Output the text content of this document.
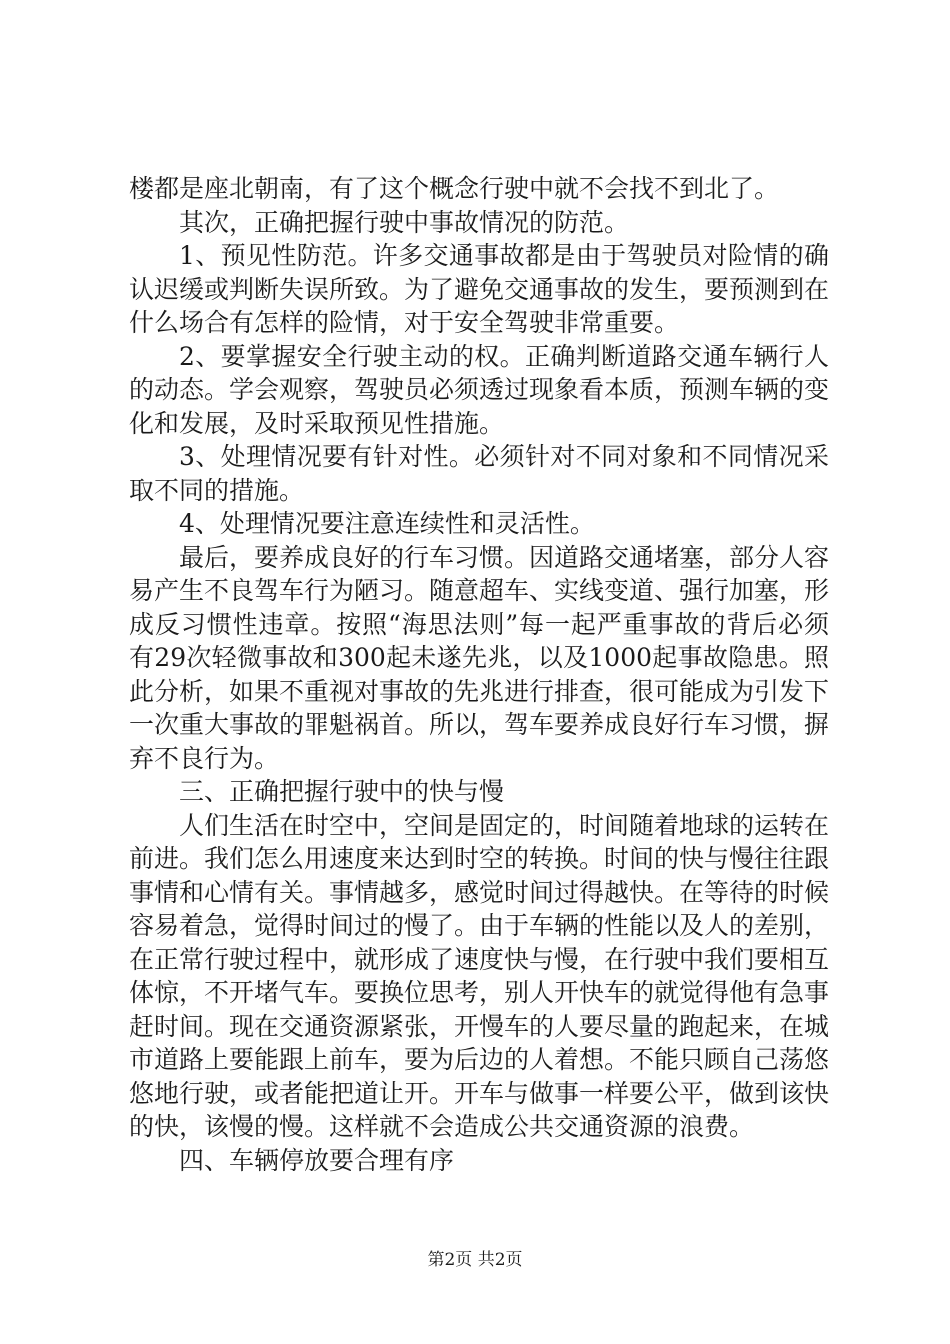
楼都是座北朝南，有了这个概念行驶中就不会找不到北了。

其次，正确把握行驶中事故情况的防范。

1、预见性防范。许多交通事故都是由于驾驶员对险情的确认迟缓或判断失误所致。为了避免交通事故的发生，要预测到在什么场合有怎样的险情，对于安全驾驶非常重要。

2、要掌握安全行驶主动的权。正确判断道路交通车辆行人的动态。学会观察，驾驶员必须透过现象看本质，预测车辆的变化和发展，及时采取预见性措施。

3、处理情况要有针对性。必须针对不同对象和不同情况采取不同的措施。

4、处理情况要注意连续性和灵活性。

最后，要养成良好的行车习惯。因道路交通堵塞，部分人容易产生不良驾车行为陋习。随意超车、实线变道、强行加塞，形成反习惯性违章。按照“海思法则”每一起严重事故的背后必须有29次轻微事故和300起未遂先兆，以及1000起事故隐患。照此分析，如果不重视对事故的先兆进行排查，很可能成为引发下一次重大事故的罪魁祸首。所以，驾车要养成良好行车习惯，摒弃不良行为。

三、正确把握行驶中的快与慢

人们生活在时空中，空间是固定的，时间随着地球的运转在前进。我们怎么用速度来达到时空的转换。时间的快与慢往往跟事情和心情有关。事情越多，感觉时间过得越快。在等待的时候容易着急，觉得时间过的慢了。由于车辆的性能以及人的差别，在正常行驶过程中，就形成了速度快与慢，在行驶中我们要相互体惊，不开堵气车。要换位思考，别人开快车的就觉得他有急事赶时间。现在交通资源紧张，开慢车的人要尽量的跑起来，在城市道路上要能跟上前车，要为后边的人着想。不能只顾自己荡悠悠地行驶，或者能把道让开。开车与做事一样要公平，做到该快的快，该慢的慢。这样就不会造成公共交通资源的浪费。

四、车辆停放要合理有序

第2页 共2页
